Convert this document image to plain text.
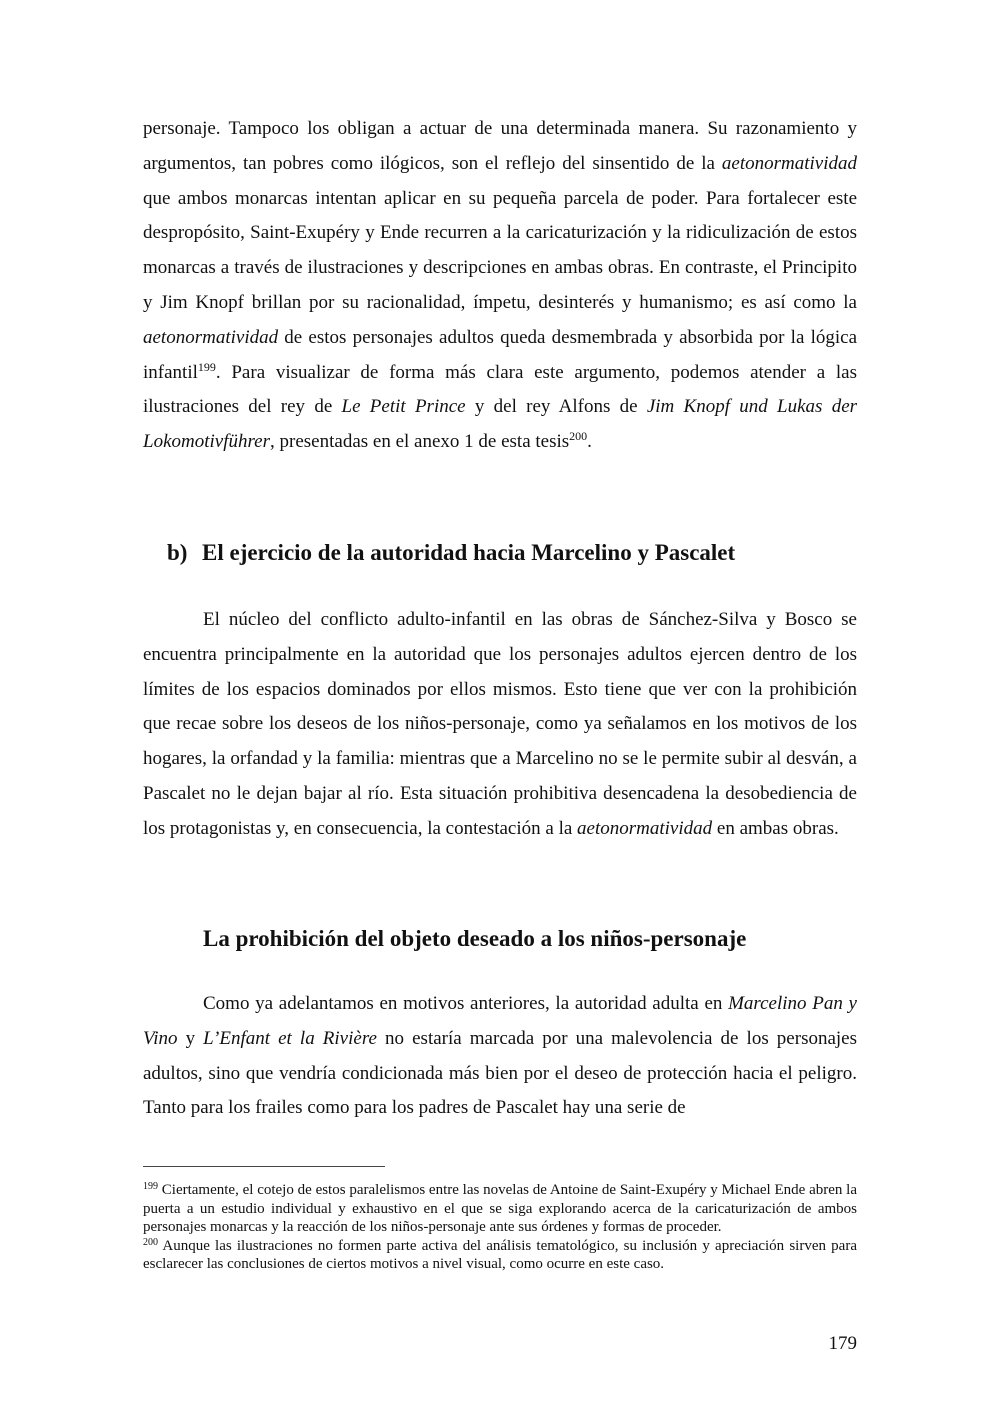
personaje. Tampoco los obligan a actuar de una determinada manera. Su razonamiento y argumentos, tan pobres como ilógicos, son el reflejo del sinsentido de la aetonormatividad que ambos monarcas intentan aplicar en su pequeña parcela de poder. Para fortalecer este despropósito, Saint-Exupéry y Ende recurren a la caricaturización y la ridiculización de estos monarcas a través de ilustraciones y descripciones en ambas obras. En contraste, el Principito y Jim Knopf brillan por su racionalidad, ímpetu, desinterés y humanismo; es así como la aetonormatividad de estos personajes adultos queda desmembrada y absorbida por la lógica infantil$^{199}$. Para visualizar de forma más clara este argumento, podemos atender a las ilustraciones del rey de Le Petit Prince y del rey Alfons de Jim Knopf und Lukas der Lokomotivführer, presentadas en el anexo 1 de esta tesis$^{200}$.

b) El ejercicio de la autoridad hacia Marcelino y Pascalet

El núcleo del conflicto adulto-infantil en las obras de Sánchez-Silva y Bosco se encuentra principalmente en la autoridad que los personajes adultos ejercen dentro de los límites de los espacios dominados por ellos mismos. Esto tiene que ver con la prohibición que recae sobre los deseos de los niños-personaje, como ya señalamos en los motivos de los hogares, la orfandad y la familia: mientras que a Marcelino no se le permite subir al desván, a Pascalet no le dejan bajar al río. Esta situación prohibitiva desencadena la desobediencia de los protagonistas y, en consecuencia, la contestación a la aetonormatividad en ambas obras.

La prohibición del objeto deseado a los niños-personaje

Como ya adelantamos en motivos anteriores, la autoridad adulta en Marcelino Pan y Vino y L’Enfant et la Rivière no estaría marcada por una malevolencia de los personajes adultos, sino que vendría condicionada más bien por el deseo de protección hacia el peligro. Tanto para los frailes como para los padres de Pascalet hay una serie de

$^{199}$ Ciertamente, el cotejo de estos paralelismos entre las novelas de Antoine de Saint-Exupéry y Michael Ende abren la puerta a un estudio individual y exhaustivo en el que se siga explorando acerca de la caricaturización de ambos personajes monarcas y la reacción de los niños-personaje ante sus órdenes y formas de proceder.

$^{200}$ Aunque las ilustraciones no formen parte activa del análisis tematológico, su inclusión y apreciación sirven para esclarecer las conclusiones de ciertos motivos a nivel visual, como ocurre en este caso.

179
